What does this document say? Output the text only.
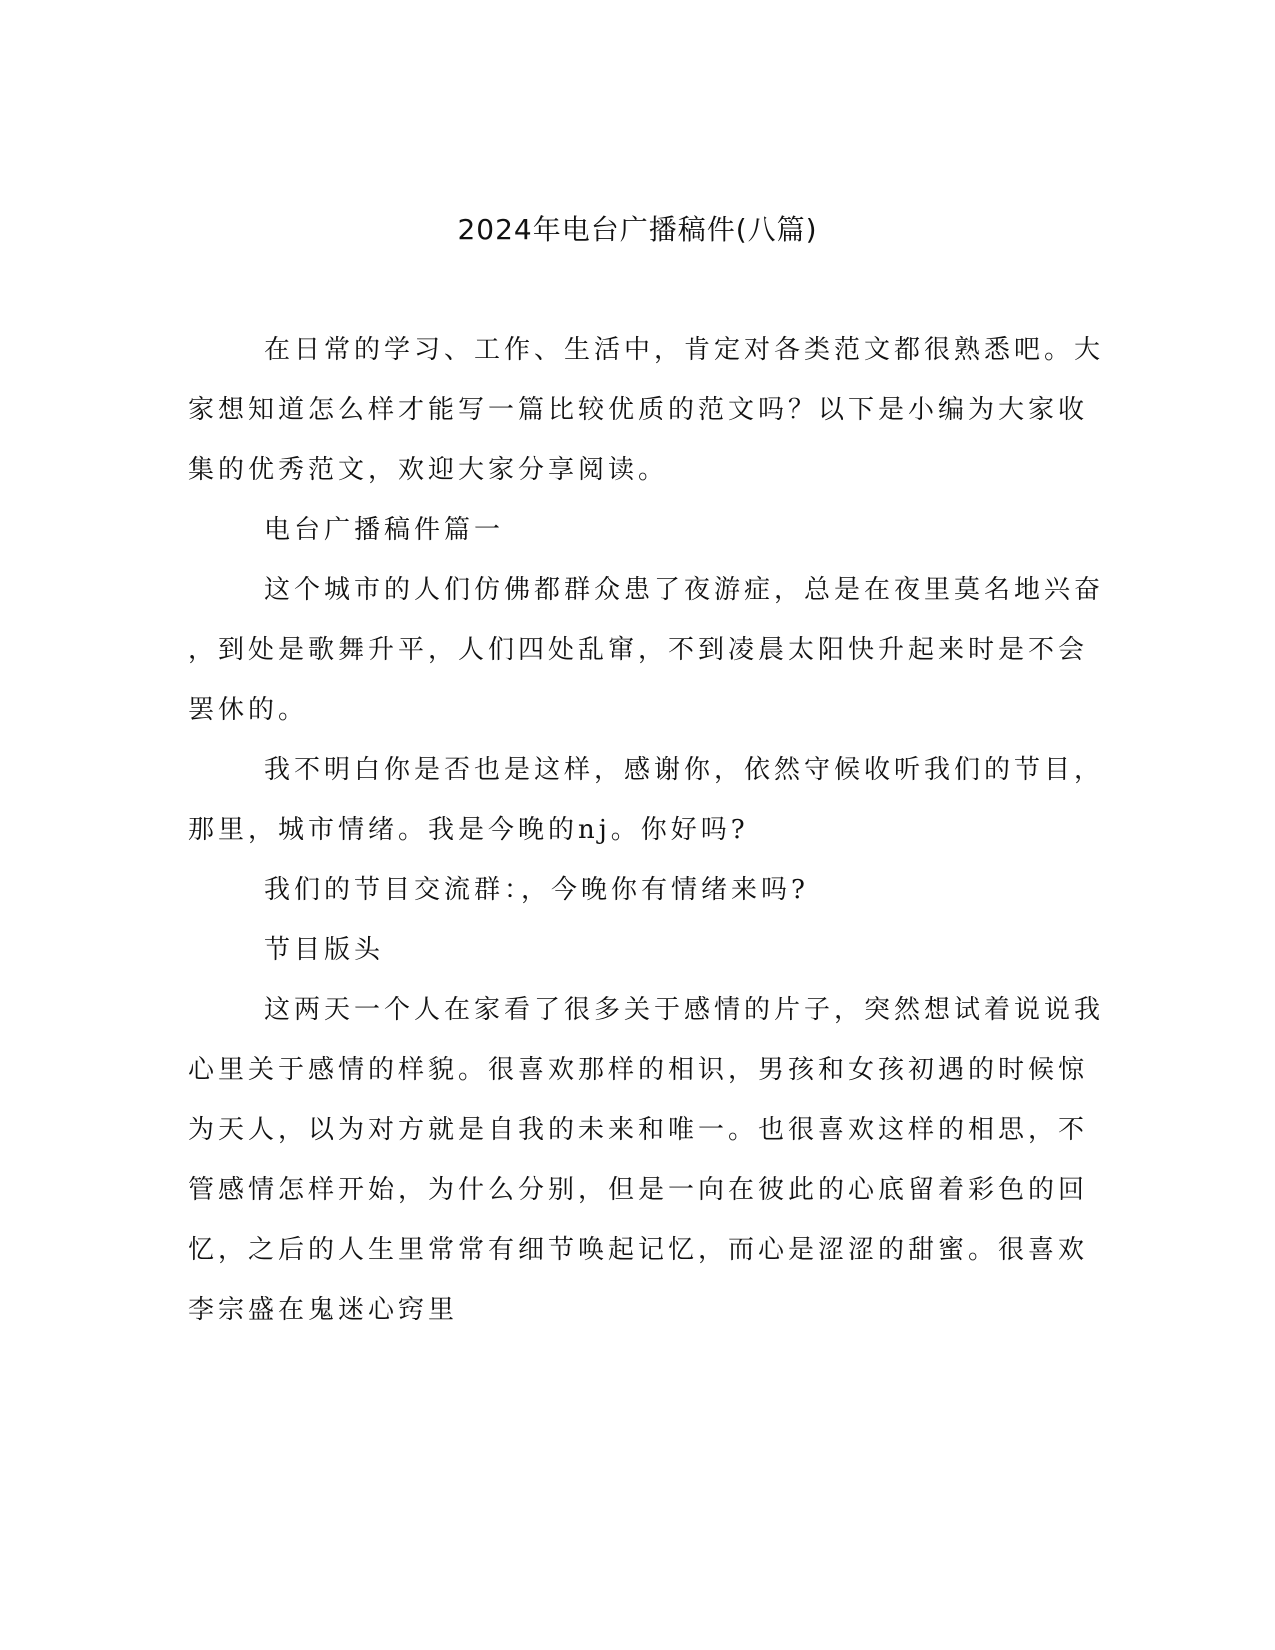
2024年电台广播稿件(八篇)
在日常的学习、工作、生活中，肯定对各类范文都很熟悉吧。大
家想知道怎么样才能写一篇比较优质的范文吗？以下是小编为大家收
集的优秀范文，欢迎大家分享阅读。
电台广播稿件篇一
这个城市的人们仿佛都群众患了夜游症，总是在夜里莫名地兴奋
，到处是歌舞升平，人们四处乱窜，不到凌晨太阳快升起来时是不会
罢休的。
我不明白你是否也是这样，感谢你，依然守候收听我们的节目，
那里，城市情绪。我是今晚的nj。你好吗?
我们的节目交流群：，今晚你有情绪来吗?
节目版头
这两天一个人在家看了很多关于感情的片子，突然想试着说说我
心里关于感情的样貌。很喜欢那样的相识，男孩和女孩初遇的时候惊
为天人，以为对方就是自我的未来和唯一。也很喜欢这样的相思，不
管感情怎样开始，为什么分别，但是一向在彼此的心底留着彩色的回
忆，之后的人生里常常有细节唤起记忆，而心是涩涩的甜蜜。很喜欢
李宗盛在鬼迷心窍里
